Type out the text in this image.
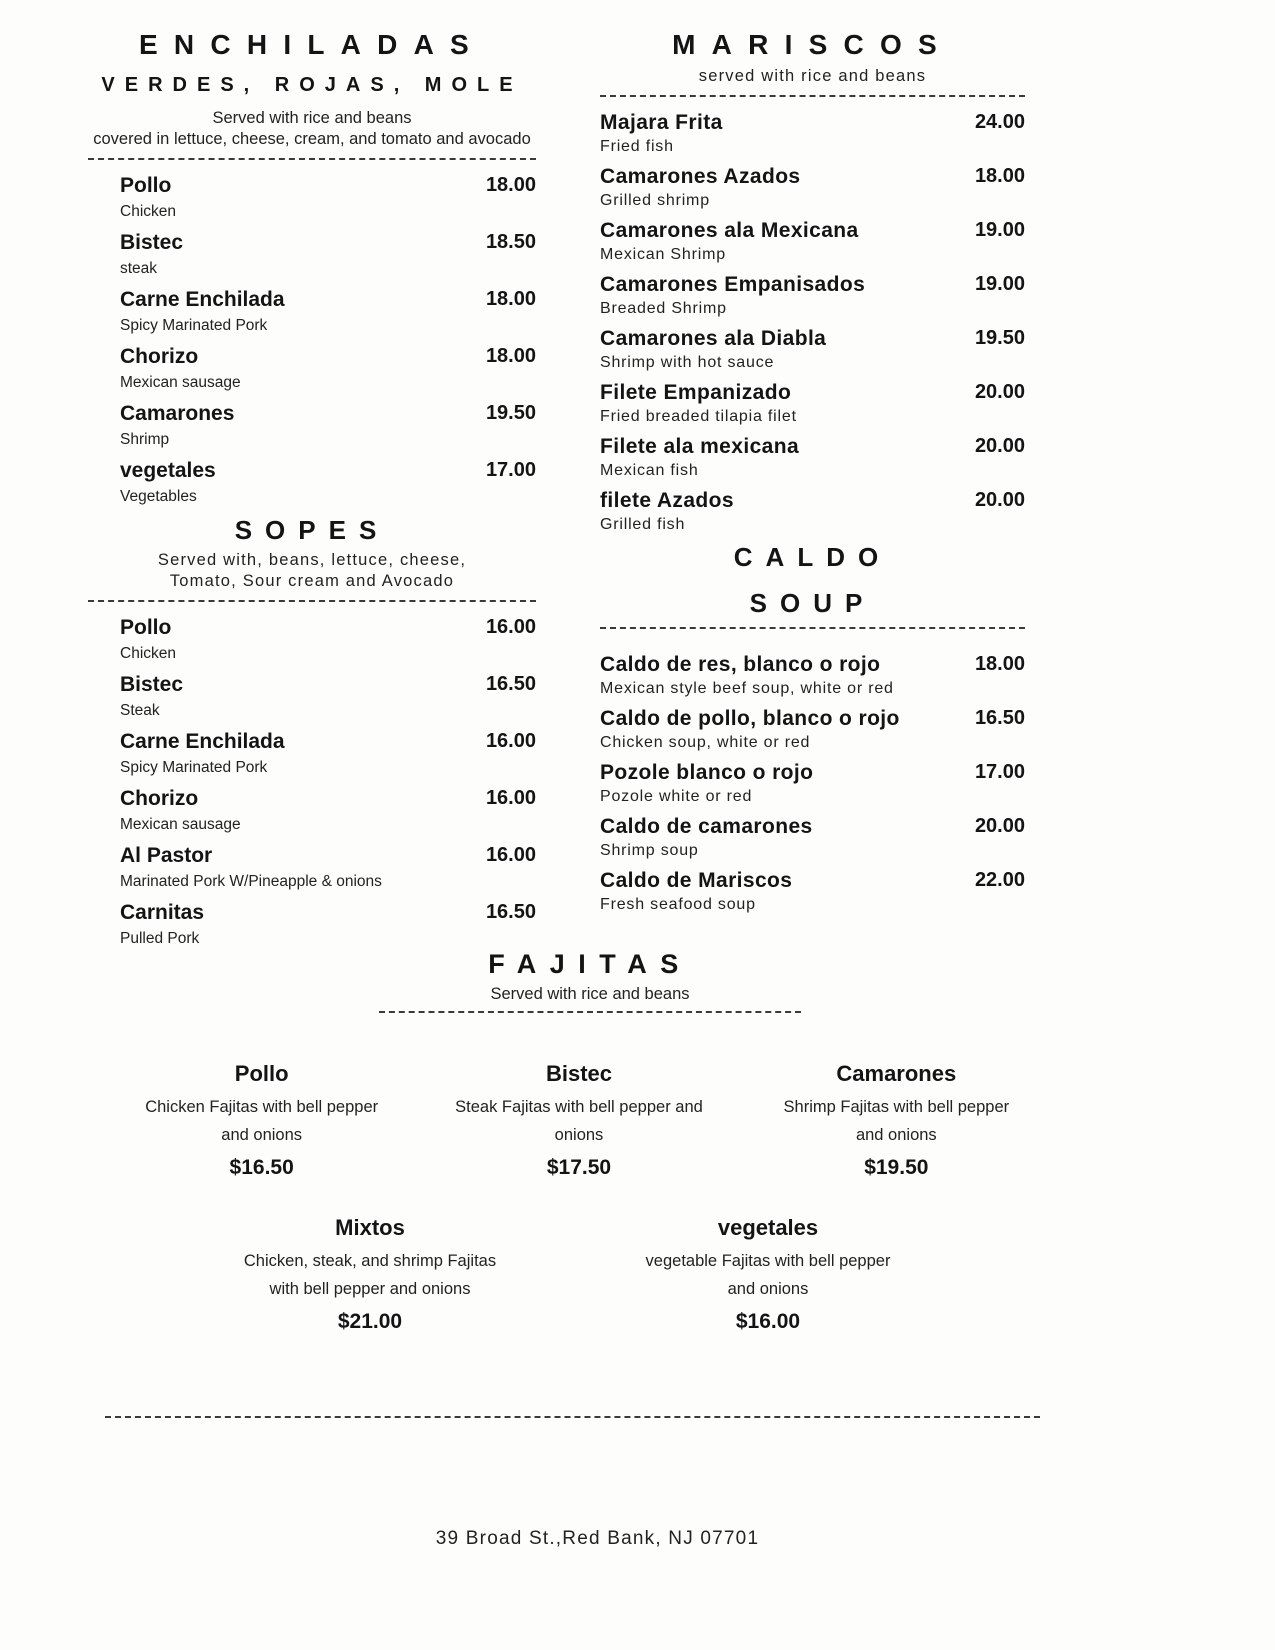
ENCHILADAS
VERDES, ROJAS, MOLE
Served with rice and beans
covered in lettuce, cheese, cream, and tomato and avocado
Pollo
Chicken
18.00
Bistec
steak
18.50
Carne Enchilada
Spicy Marinated Pork
18.00
Chorizo
Mexican sausage
18.00
Camarones
Shrimp
19.50
vegetales
Vegetables
17.00
SOPES
Served with, beans, lettuce, cheese,
Tomato, Sour cream and Avocado
Pollo
Chicken
16.00
Bistec
Steak
16.50
Carne Enchilada
Spicy Marinated Pork
16.00
Chorizo
Mexican sausage
16.00
Al Pastor
Marinated Pork W/Pineapple & onions
16.00
Carnitas
Pulled Pork
16.50
MARISCOS
served with rice and beans
Majara Frita
Fried fish
24.00
Camarones Azados
Grilled shrimp
18.00
Camarones ala Mexicana
Mexican Shrimp
19.00
Camarones Empanisados
Breaded Shrimp
19.00
Camarones ala Diabla
Shrimp with hot sauce
19.50
Filete Empanizado
Fried breaded tilapia filet
20.00
Filete ala mexicana
Mexican fish
20.00
filete Azados
Grilled fish
20.00
CALDO
SOUP
Caldo de res, blanco o rojo
Mexican style beef soup, white or red
18.00
Caldo de pollo, blanco o rojo
Chicken soup, white or red
16.50
Pozole blanco o rojo
Pozole white or red
17.00
Caldo de camarones
Shrimp soup
20.00
Caldo de Mariscos
Fresh seafood soup
22.00
FAJITAS
Served with rice and beans
Pollo
Chicken Fajitas with bell pepper
and onions
$16.50
Bistec
Steak Fajitas with bell pepper and
onions
$17.50
Camarones
Shrimp Fajitas with bell pepper
and onions
$19.50
Mixtos
Chicken, steak, and shrimp Fajitas
with bell pepper and onions
$21.00
vegetales
vegetable Fajitas with bell pepper
and onions
$16.00
39 Broad St.,Red Bank, NJ 07701
